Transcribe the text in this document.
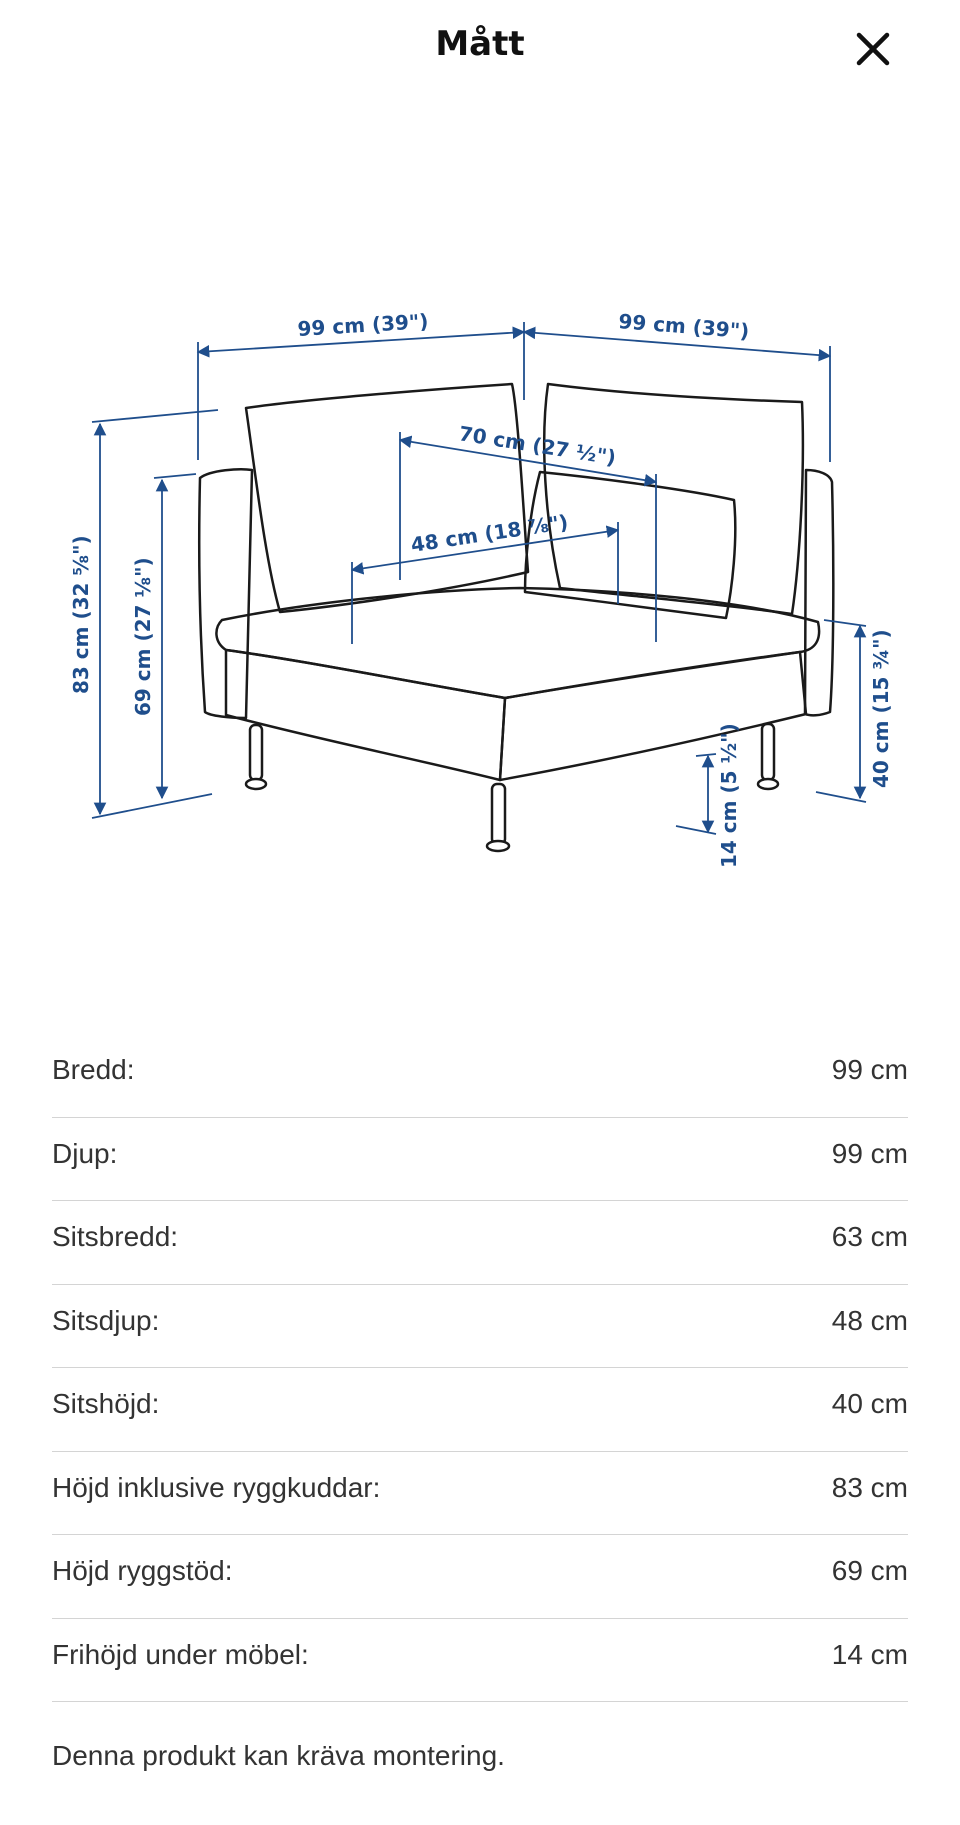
Mått
99 cm (39")	99 cm (39")
70 cm (27 ½")
48 cm (18 ⅞")
83 cm (32 ⅝") 69 cm (27 ⅛")	40 cm (15 ¾")
14 cm (5 ½")
Bredd:	99 cm
Djup:	99 cm
Sitsbredd:	63 cm
Sitsdjup:	48 cm
Sitshöjd:	40 cm
Höjd inklusive ryggkuddar:	83 cm
Höjd ryggstöd:	69 cm
Frihöjd under möbel:	14 cm
Denna produkt kan kräva montering.
